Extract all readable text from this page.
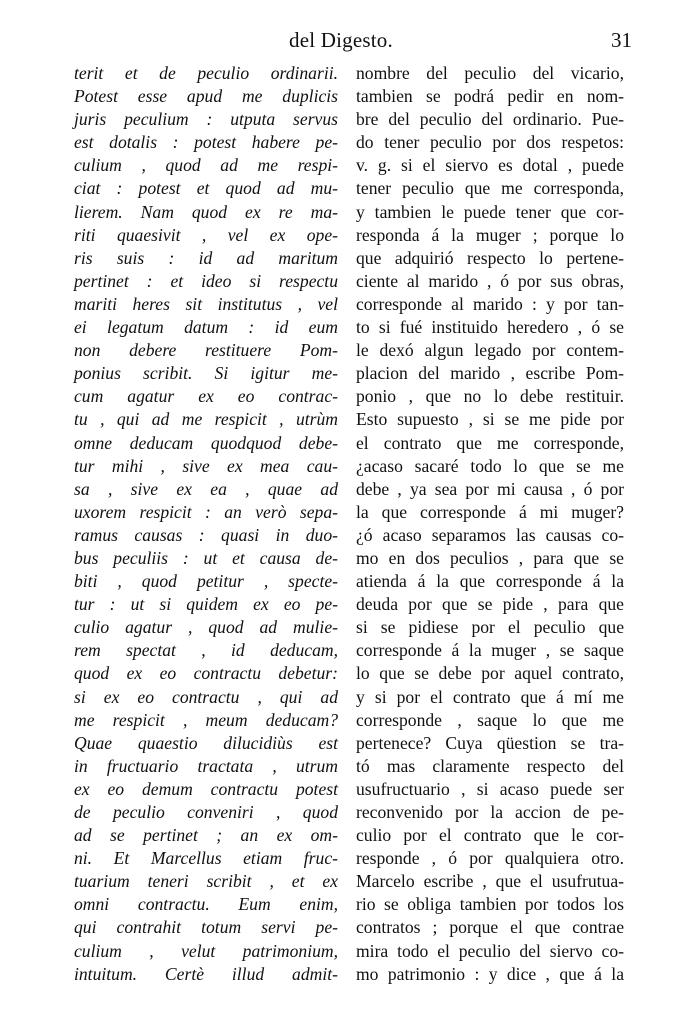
del Digesto.	31
terit et de peculio ordinarii.
Potest esse apud me duplicis
juris peculium : utputa servus
est dotalis : potest habere pe-
culium , quod ad me respi-
ciat : potest et quod ad mu-
lierem. Nam quod ex re ma-
riti quaesivit , vel ex ope-
ris suis : id ad maritum
pertinet : et ideo si respectu
mariti heres sit institutus , vel
ei legatum datum : id eum
non debere restituere Pom-
ponius scribit. Si igitur me-
cum agatur ex eo contrac-
tu , qui ad me respicit , utrùm
omne deducam quodquod debe-
tur mihi , sive ex mea cau-
sa , sive ex ea , quae ad
uxorem respicit : an verò sepa-
ramus causas : quasi in duo-
bus peculiis : ut et causa de-
biti , quod petitur , specte-
tur : ut si quidem ex eo pe-
culio agatur , quod ad mulie-
rem spectat , id deducam,
quod ex eo contractu debetur:
si ex eo contractu , qui ad
me respicit , meum deducam?
Quae quaestio dilucidiùs est
in fructuario tractata , utrum
ex eo demum contractu potest
de peculio conveniri , quod
ad se pertinet ; an ex om-
ni. Et Marcellus etiam fruc-
tuarium teneri scribit , et ex
omni contractu. Eum enim,
qui contrahit totum servi pe-
culium , velut patrimonium,
intuitum. Certè illud admit-
nombre del peculio del vicario,
tambien se podrá pedir en nom-
bre del peculio del ordinario. Pue-
do tener peculio por dos respetos:
v. g. si el siervo es dotal , puede
tener peculio que me corresponda,
y tambien le puede tener que cor-
responda á la muger ; porque lo
que adquirió respecto lo pertene-
ciente al marido , ó por sus obras,
corresponde al marido : y por tan-
to si fué instituido heredero , ó se
le dexó algun legado por contem-
placion del marido , escribe Pom-
ponio , que no lo debe restituir.
Esto supuesto , si se me pide por
el contrato que me corresponde,
¿acaso sacaré todo lo que se me
debe , ya sea por mi causa , ó por
la que corresponde á mi muger?
¿ó acaso separamos las causas co-
mo en dos peculios , para que se
atienda á la que corresponde á la
deuda por que se pide , para que
si se pidiese por el peculio que
corresponde á la muger , se saque
lo que se debe por aquel contrato,
y si por el contrato que á mí me
corresponde , saque lo que me
pertenece? Cuya qüestion se tra-
tó mas claramente respecto del
usufructuario , si acaso puede ser
reconvenido por la accion de pe-
culio por el contrato que le cor-
responde , ó por qualquiera otro.
Marcelo escribe , que el usufrutua-
rio se obliga tambien por todos los
contratos ; porque el que contrae
mira todo el peculio del siervo co-
mo patrimonio : y dice , que á la
